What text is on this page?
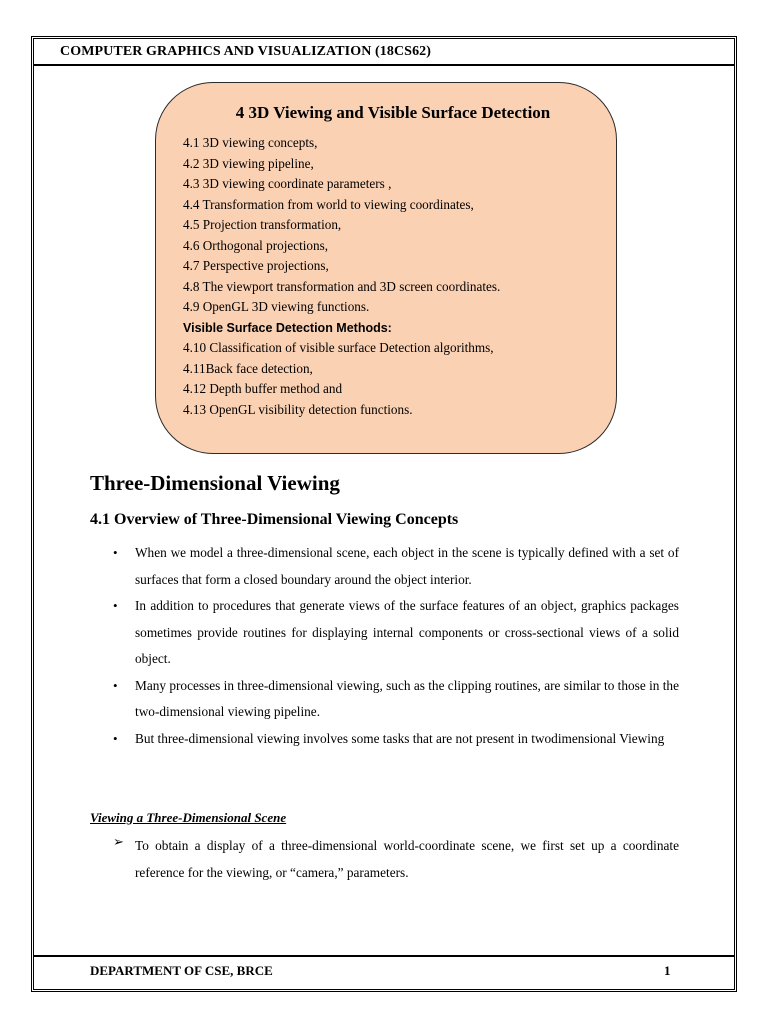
COMPUTER GRAPHICS AND VISUALIZATION (18CS62)
4 3D Viewing and Visible Surface Detection
4.1 3D viewing concepts,
4.2 3D viewing pipeline,
4.3 3D viewing coordinate parameters ,
4.4 Transformation from world to viewing coordinates,
4.5 Projection transformation,
4.6 Orthogonal projections,
4.7 Perspective projections,
4.8 The viewport transformation and 3D screen coordinates.
4.9 OpenGL 3D viewing functions.
Visible Surface Detection Methods:
4.10 Classification of visible surface Detection algorithms,
4.11Back face detection,
4.12 Depth buffer method and
4.13 OpenGL visibility detection functions.
Three-Dimensional Viewing
4.1 Overview of Three-Dimensional Viewing Concepts
• When we model a three-dimensional scene, each object in the scene is typically defined with a set of surfaces that form a closed boundary around the object interior.
• In addition to procedures that generate views of the surface features of an object, graphics packages sometimes provide routines for displaying internal components or cross-sectional views of a solid object.
• Many processes in three-dimensional viewing, such as the clipping routines, are similar to those in the two-dimensional viewing pipeline.
• But three-dimensional viewing involves some tasks that are not present in twodimensional Viewing
Viewing a Three-Dimensional Scene
➢ To obtain a display of a three-dimensional world-coordinate scene, we first set up a coordinate reference for the viewing, or “camera,” parameters.
DEPARTMENT OF CSE, BRCE	1
